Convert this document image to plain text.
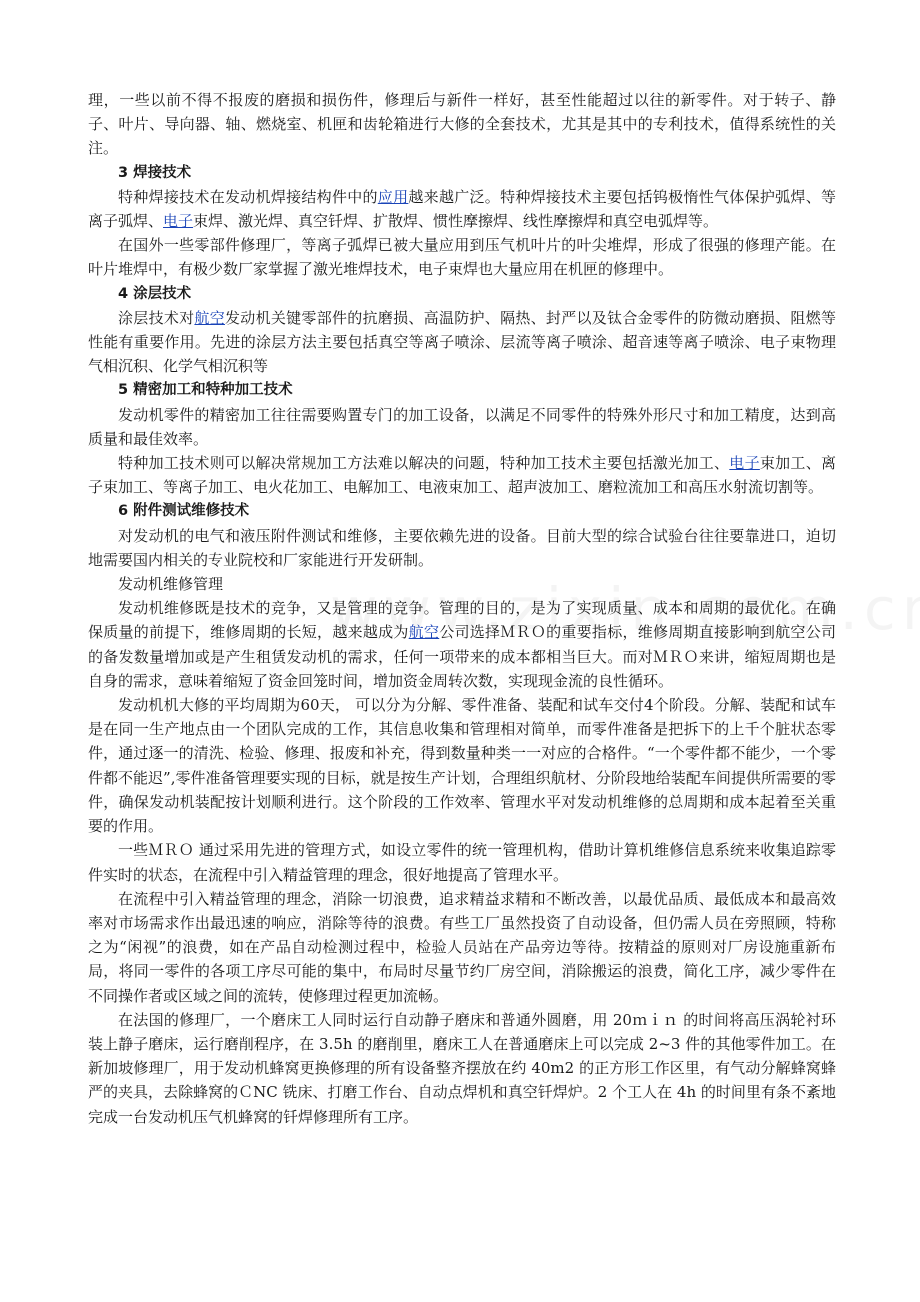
理，一些以前不得不报废的磨损和损伤件，修理后与新件一样好，甚至性能超过以往的新零件。对于转子、静子、叶片、导向器、轴、燃烧室、机匣和齿轮箱进行大修的全套技术，尤其是其中的专利技术，值得系统性的关注。

3 焊接技术

特种焊接技术在发动机焊接结构件中的应用越来越广泛。特种焊接技术主要包括钨极惰性气体保护弧焊、等离子弧焊、电子束焊、激光焊、真空钎焊、扩散焊、惯性摩擦焊、线性摩擦焊和真空电弧焊等。

在国外一些零部件修理厂，等离子弧焊已被大量应用到压气机叶片的叶尖堆焊，形成了很强的修理产能。在叶片堆焊中，有极少数厂家掌握了激光堆焊技术，电子束焊也大量应用在机匣的修理中。

4 涂层技术

涂层技术对航空发动机关键零部件的抗磨损、高温防护、隔热、封严以及钛合金零件的防微动磨损、阻燃等性能有重要作用。先进的涂层方法主要包括真空等离子喷涂、层流等离子喷涂、超音速等离子喷涂、电子束物理气相沉积、化学气相沉积等

5 精密加工和特种加工技术

发动机零件的精密加工往往需要购置专门的加工设备，以满足不同零件的特殊外形尺寸和加工精度，达到高质量和最佳效率。

特种加工技术则可以解决常规加工方法难以解决的问题，特种加工技术主要包括激光加工、电子束加工、离子束加工、等离子加工、电火花加工、电解加工、电液束加工、超声波加工、磨粒流加工和高压水射流切割等。

6 附件测试维修技术

对发动机的电气和液压附件测试和维修，主要依赖先进的设备。目前大型的综合试验台往往要靠进口，迫切地需要国内相关的专业院校和厂家能进行开发研制。

发动机维修管理

发动机维修既是技术的竞争，又是管理的竞争。管理的目的，是为了实现质量、成本和周期的最优化。在确保质量的前提下，维修周期的长短，越来越成为航空公司选择ＭＲＯ的重要指标，维修周期直接影响到航空公司的备发数量增加或是产生租赁发动机的需求，任何一项带来的成本都相当巨大。而对ＭＲＯ来讲，缩短周期也是自身的需求，意味着缩短了资金回笼时间，增加资金周转次数，实现现金流的良性循环。

发动机机大修的平均周期为60天， 可以分为分解、零件准备、装配和试车交付4个阶段。分解、装配和试车是在同一生产地点由一个团队完成的工作，其信息收集和管理相对简单，而零件准备是把拆下的上千个脏状态零件，通过逐一的清洗、检验、修理、报废和补充，得到数量种类一一对应的合格件。“一个零件都不能少，一个零件都不能迟”,零件准备管理要实现的目标，就是按生产计划，合理组织航材、分阶段地给装配车间提供所需要的零件，确保发动机装配按计划顺利进行。这个阶段的工作效率、管理水平对发动机维修的总周期和成本起着至关重要的作用。

一些ＭＲＯ 通过采用先进的管理方式，如设立零件的统一管理机构，借助计算机维修信息系统来收集追踪零件实时的状态，在流程中引入精益管理的理念，很好地提高了管理水平。

在流程中引入精益管理的理念，消除一切浪费，追求精益求精和不断改善，以最优品质、最低成本和最高效率对市场需求作出最迅速的响应，消除等待的浪费。有些工厂虽然投资了自动设备，但仍需人员在旁照顾，特称之为“闲视”的浪费，如在产品自动检测过程中，检验人员站在产品旁边等待。按精益的原则对厂房设施重新布局，将同一零件的各项工序尽可能的集中，布局时尽量节约厂房空间，消除搬运的浪费，简化工序，减少零件在不同操作者或区域之间的流转，使修理过程更加流畅。

在法国的修理厂，一个磨床工人同时运行自动静子磨床和普通外圆磨，用 20ｍｉｎ 的时间将高压涡轮衬环装上静子磨床，运行磨削程序，在 3.5h 的磨削里，磨床工人在普通磨床上可以完成 2~3 件的其他零件加工。在新加坡修理厂，用于发动机蜂窝更换修理的所有设备整齐摆放在约 40m2 的正方形工作区里，有气动分解蜂窝蜂严的夹具，去除蜂窝的ＣNC 铣床、打磨工作台、自动点焊机和真空钎焊炉。2 个工人在 4h 的时间里有条不紊地完成一台发动机压气机蜂窝的钎焊修理所有工序。
